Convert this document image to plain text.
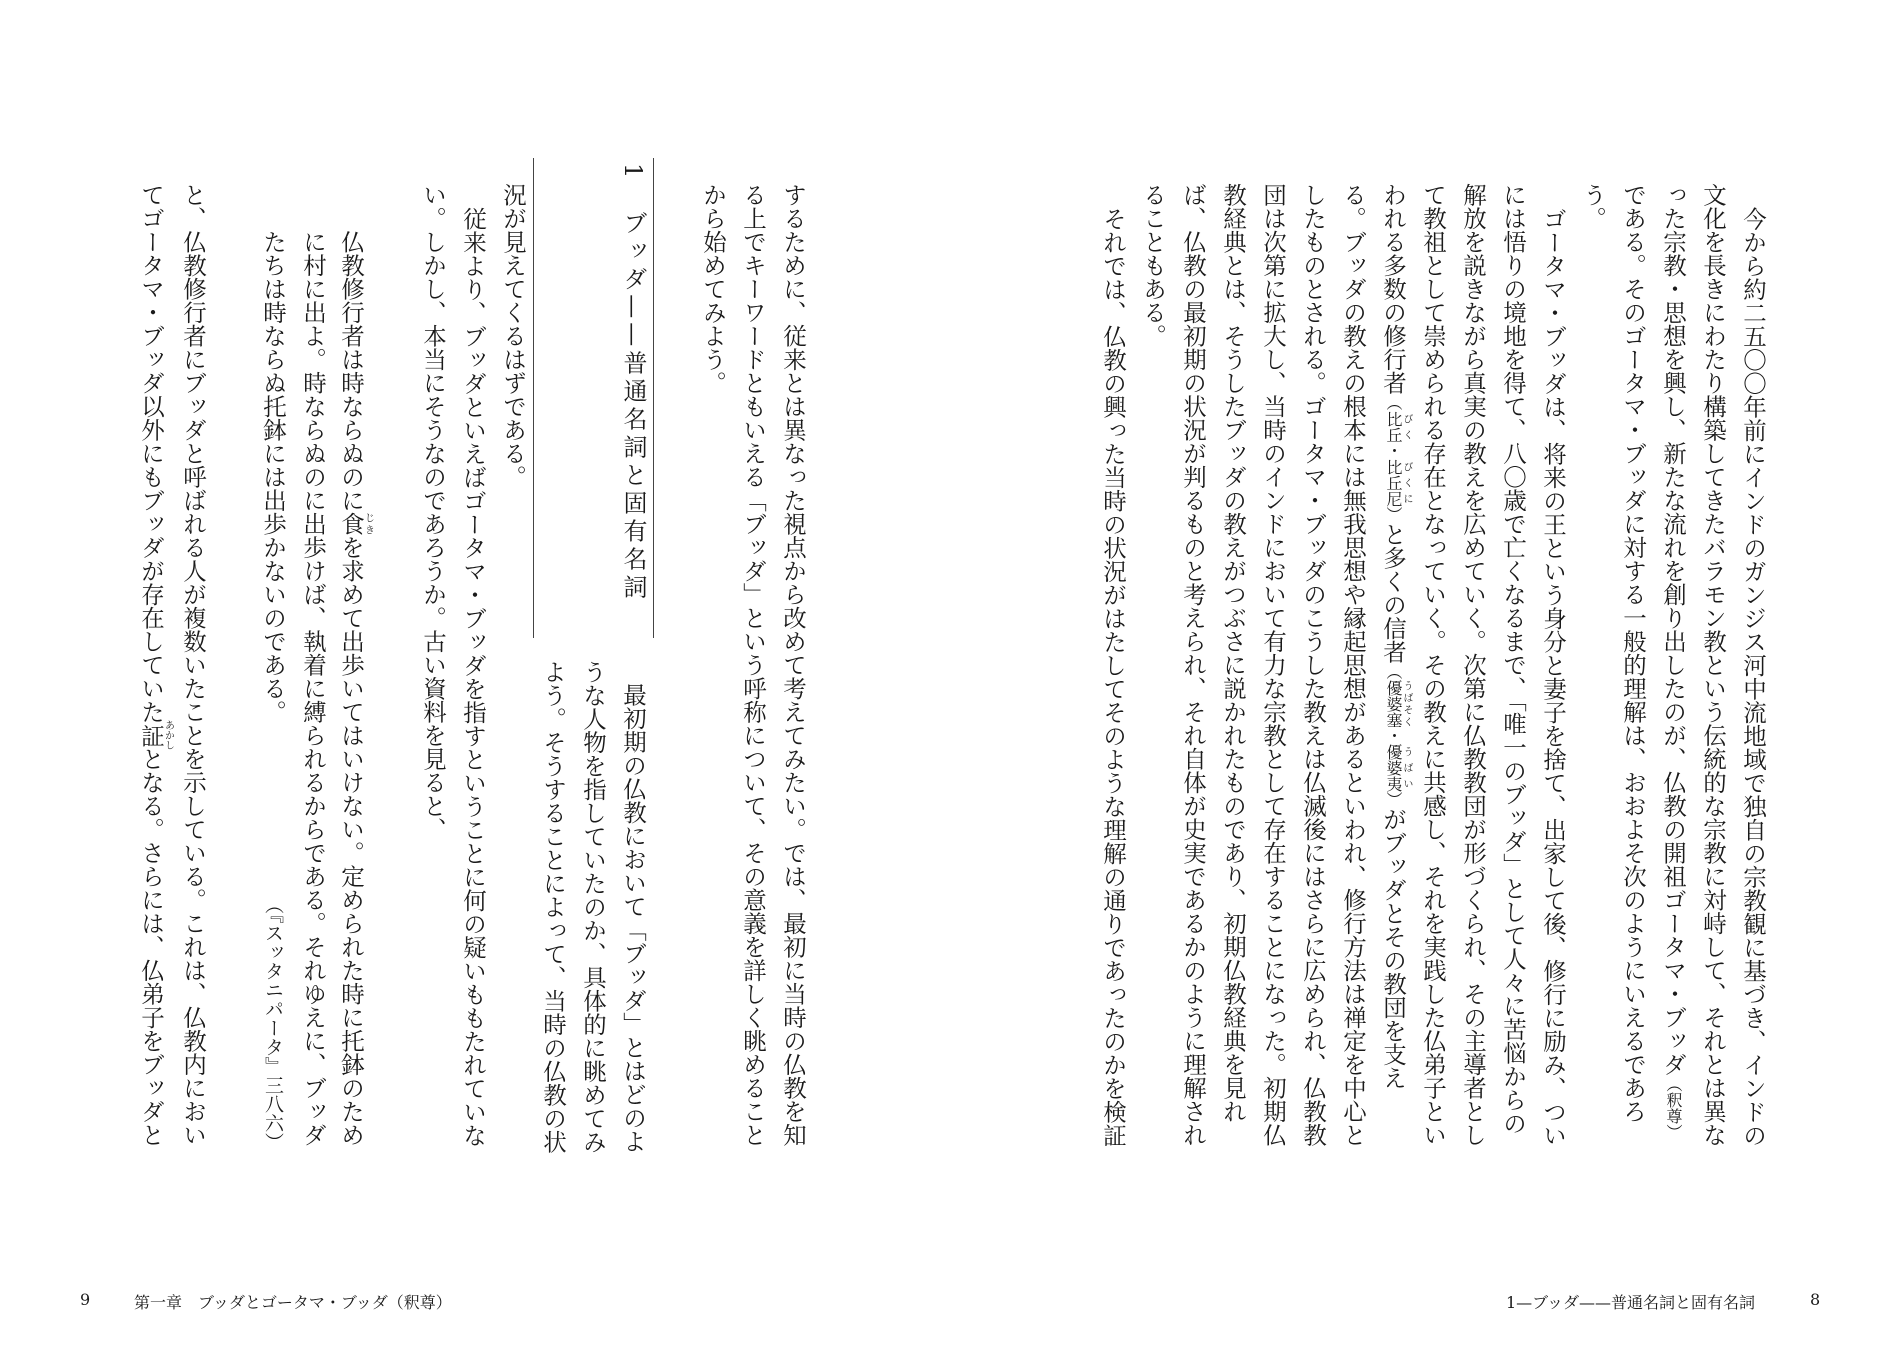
今から約二五〇〇年前にインドのガンジス河中流地域で独自の宗教観に基づき、インドの
文化を長きにわたり構築してきたバラモン教という伝統的な宗教に対峙して、それとは異な
った宗教・思想を興し、新たな流れを創り出したのが、仏教の開祖ゴータマ・ブッダ（釈尊）
である。そのゴータマ・ブッダに対する一般的理解は、おおよそ次のようにいえるであろ
う。
ゴータマ・ブッダは、将来の王という身分と妻子を捨て、出家して後、修行に励み、つい
には悟りの境地を得て、八〇歳で亡くなるまで、「唯一のブッダ」として人々に苦悩からの
解放を説きながら真実の教えを広めていく。次第に仏教教団が形づくられ、その主導者とし
て教祖として崇められる存在となっていく。その教えに共感し、それを実践した仏弟子とい
われる多数の修行者（比丘びく・比丘尼びくに）と多くの信者（優婆塞うばそく・優婆夷うばい）がブッダとその教団を支え
る。ブッダの教えの根本には無我思想や縁起思想があるといわれ、修行方法は禅定を中心と
したものとされる。ゴータマ・ブッダのこうした教えは仏滅後にはさらに広められ、仏教教
団は次第に拡大し、当時のインドにおいて有力な宗教として存在することになった。初期仏
教経典とは、そうしたブッダの教えがつぶさに説かれたものであり、初期仏教経典を見れ
ば、仏教の最初期の状況が判るものと考えられ、それ自体が史実であるかのように理解され
ることもある。
それでは、仏教の興った当時の状況がはたしてそのような理解の通りであったのかを検証
するために、従来とは異なった視点から改めて考えてみたい。では、最初に当時の仏教を知
る上でキーワードともいえる「ブッダ」という呼称について、その意義を詳しく眺めること
から始めてみよう。
1　ブッダ——普通名詞と固有名詞
最初期の仏教において「ブッダ」とはどのよ
うな人物を指していたのか、具体的に眺めてみ
よう。そうすることによって、当時の仏教の状
況が見えてくるはずである。
従来より、ブッダといえばゴータマ・ブッダを指すということに何の疑いももたれていな
い。しかし、本当にそうなのであろうか。古い資料を見ると、
仏教修行者は時ならぬのに食じきを求めて出歩いてはいけない。定められた時に托鉢のため
に村に出よ。時ならぬのに出歩けば、執着に縛られるからである。それゆえに、ブッダ
たちは時ならぬ托鉢には出歩かないのである。
（『スッタニパータ』三八六）
と、仏教修行者にブッダと呼ばれる人が複数いたことを示している。これは、仏教内におい
てゴータマ・ブッダ以外にもブッダが存在していた証あかしとなる。さらには、仏弟子をブッダと
9	第一章　ブッダとゴータマ・ブッダ（釈尊）	1—ブッダ——普通名詞と固有名詞	8
